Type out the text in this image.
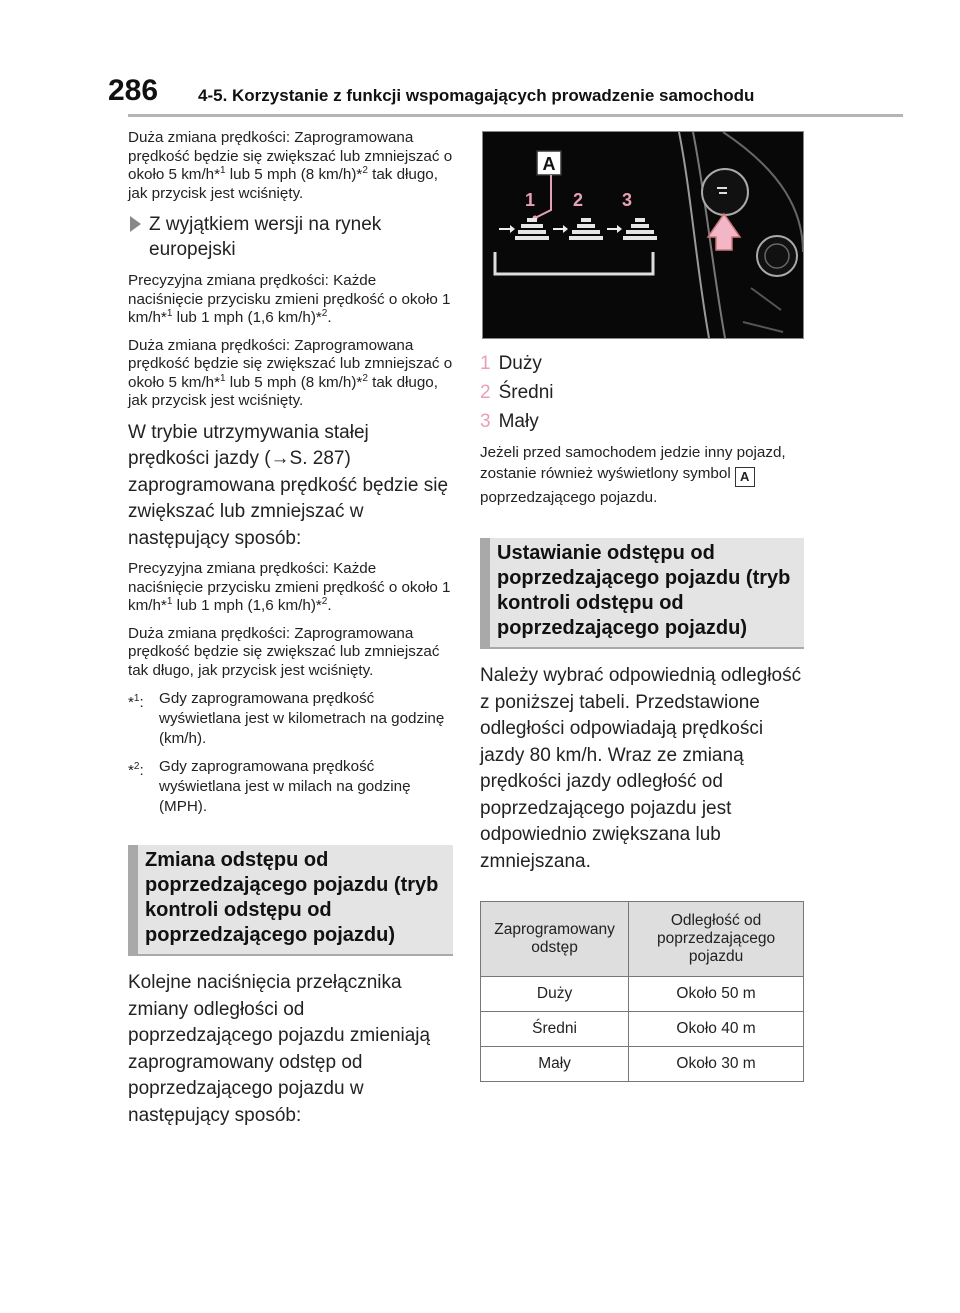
286 4-5. Korzystanie z funkcji wspomagających prowadzenie samochodu

Duża zmiana prędkości: Zaprogramowana prędkość będzie się zwiększać lub zmniejszać o około 5 km/h*$^1$ lub 5 mph (8 km/h)*$^2$ tak długo, jak przycisk jest wciśnięty.

Z wyjątkiem wersji na rynek europejski

Precyzyjna zmiana prędkości: Każde naciśnięcie przycisku zmieni prędkość o około 1 km/h*$^1$ lub 1 mph (1,6 km/h)*$^2$.

Duża zmiana prędkości: Zaprogramowana prędkość będzie się zwiększać lub zmniejszać o około 5 km/h*$^1$ lub 5 mph (8 km/h)*$^2$ tak długo, jak przycisk jest wciśnięty.

W trybie utrzymywania stałej prędkości jazdy (→S. 287) zaprogramowana prędkość będzie się zwiększać lub zmniejszać w następujący sposób:

Precyzyjna zmiana prędkości: Każde naciśnięcie przycisku zmieni prędkość o około 1 km/h*$^1$ lub 1 mph (1,6 km/h)*$^2$.

Duża zmiana prędkości: Zaprogramowana prędkość będzie się zwiększać lub zmniejszać tak długo, jak przycisk jest wciśnięty.

*$^1$: Gdy zaprogramowana prędkość wyświetlana jest w kilometrach na godzinę (km/h).
*$^2$: Gdy zaprogramowana prędkość wyświetlana jest w milach na godzinę (MPH).

Zmiana odstępu od poprzedzającego pojazdu (tryb kontroli odstępu od poprzedzającego pojazdu)

Kolejne naciśnięcia przełącznika zmiany odległości od poprzedzającego pojazdu zmieniają zaprogramowany odstęp od poprzedzającego pojazdu w następujący sposób:

A
1 2 3

1 Duży

2 Średni

3 Mały

Jeżeli przed samochodem jedzie inny pojazd, zostanie również wyświetlony symbol Apoprzedzającego pojazdu.

Ustawianie odstępu od poprzedzającego pojazdu (tryb kontroli odstępu od poprzedzającego pojazdu)

Należy wybrać odpowiednią odległość z poniższej tabeli. Przedstawione odległości odpowiadają prędkości jazdy 80 km/h. Wraz ze zmianą prędkości jazdy odległość od poprzedzającego pojazdu jest odpowiednio zwiększana lub zmniejszana.

Zaprogramowany odstęp	Odległość od poprzedzającego pojazdu
Duży	Około 50 m
Średni	Około 40 m
Mały	Około 30 m
